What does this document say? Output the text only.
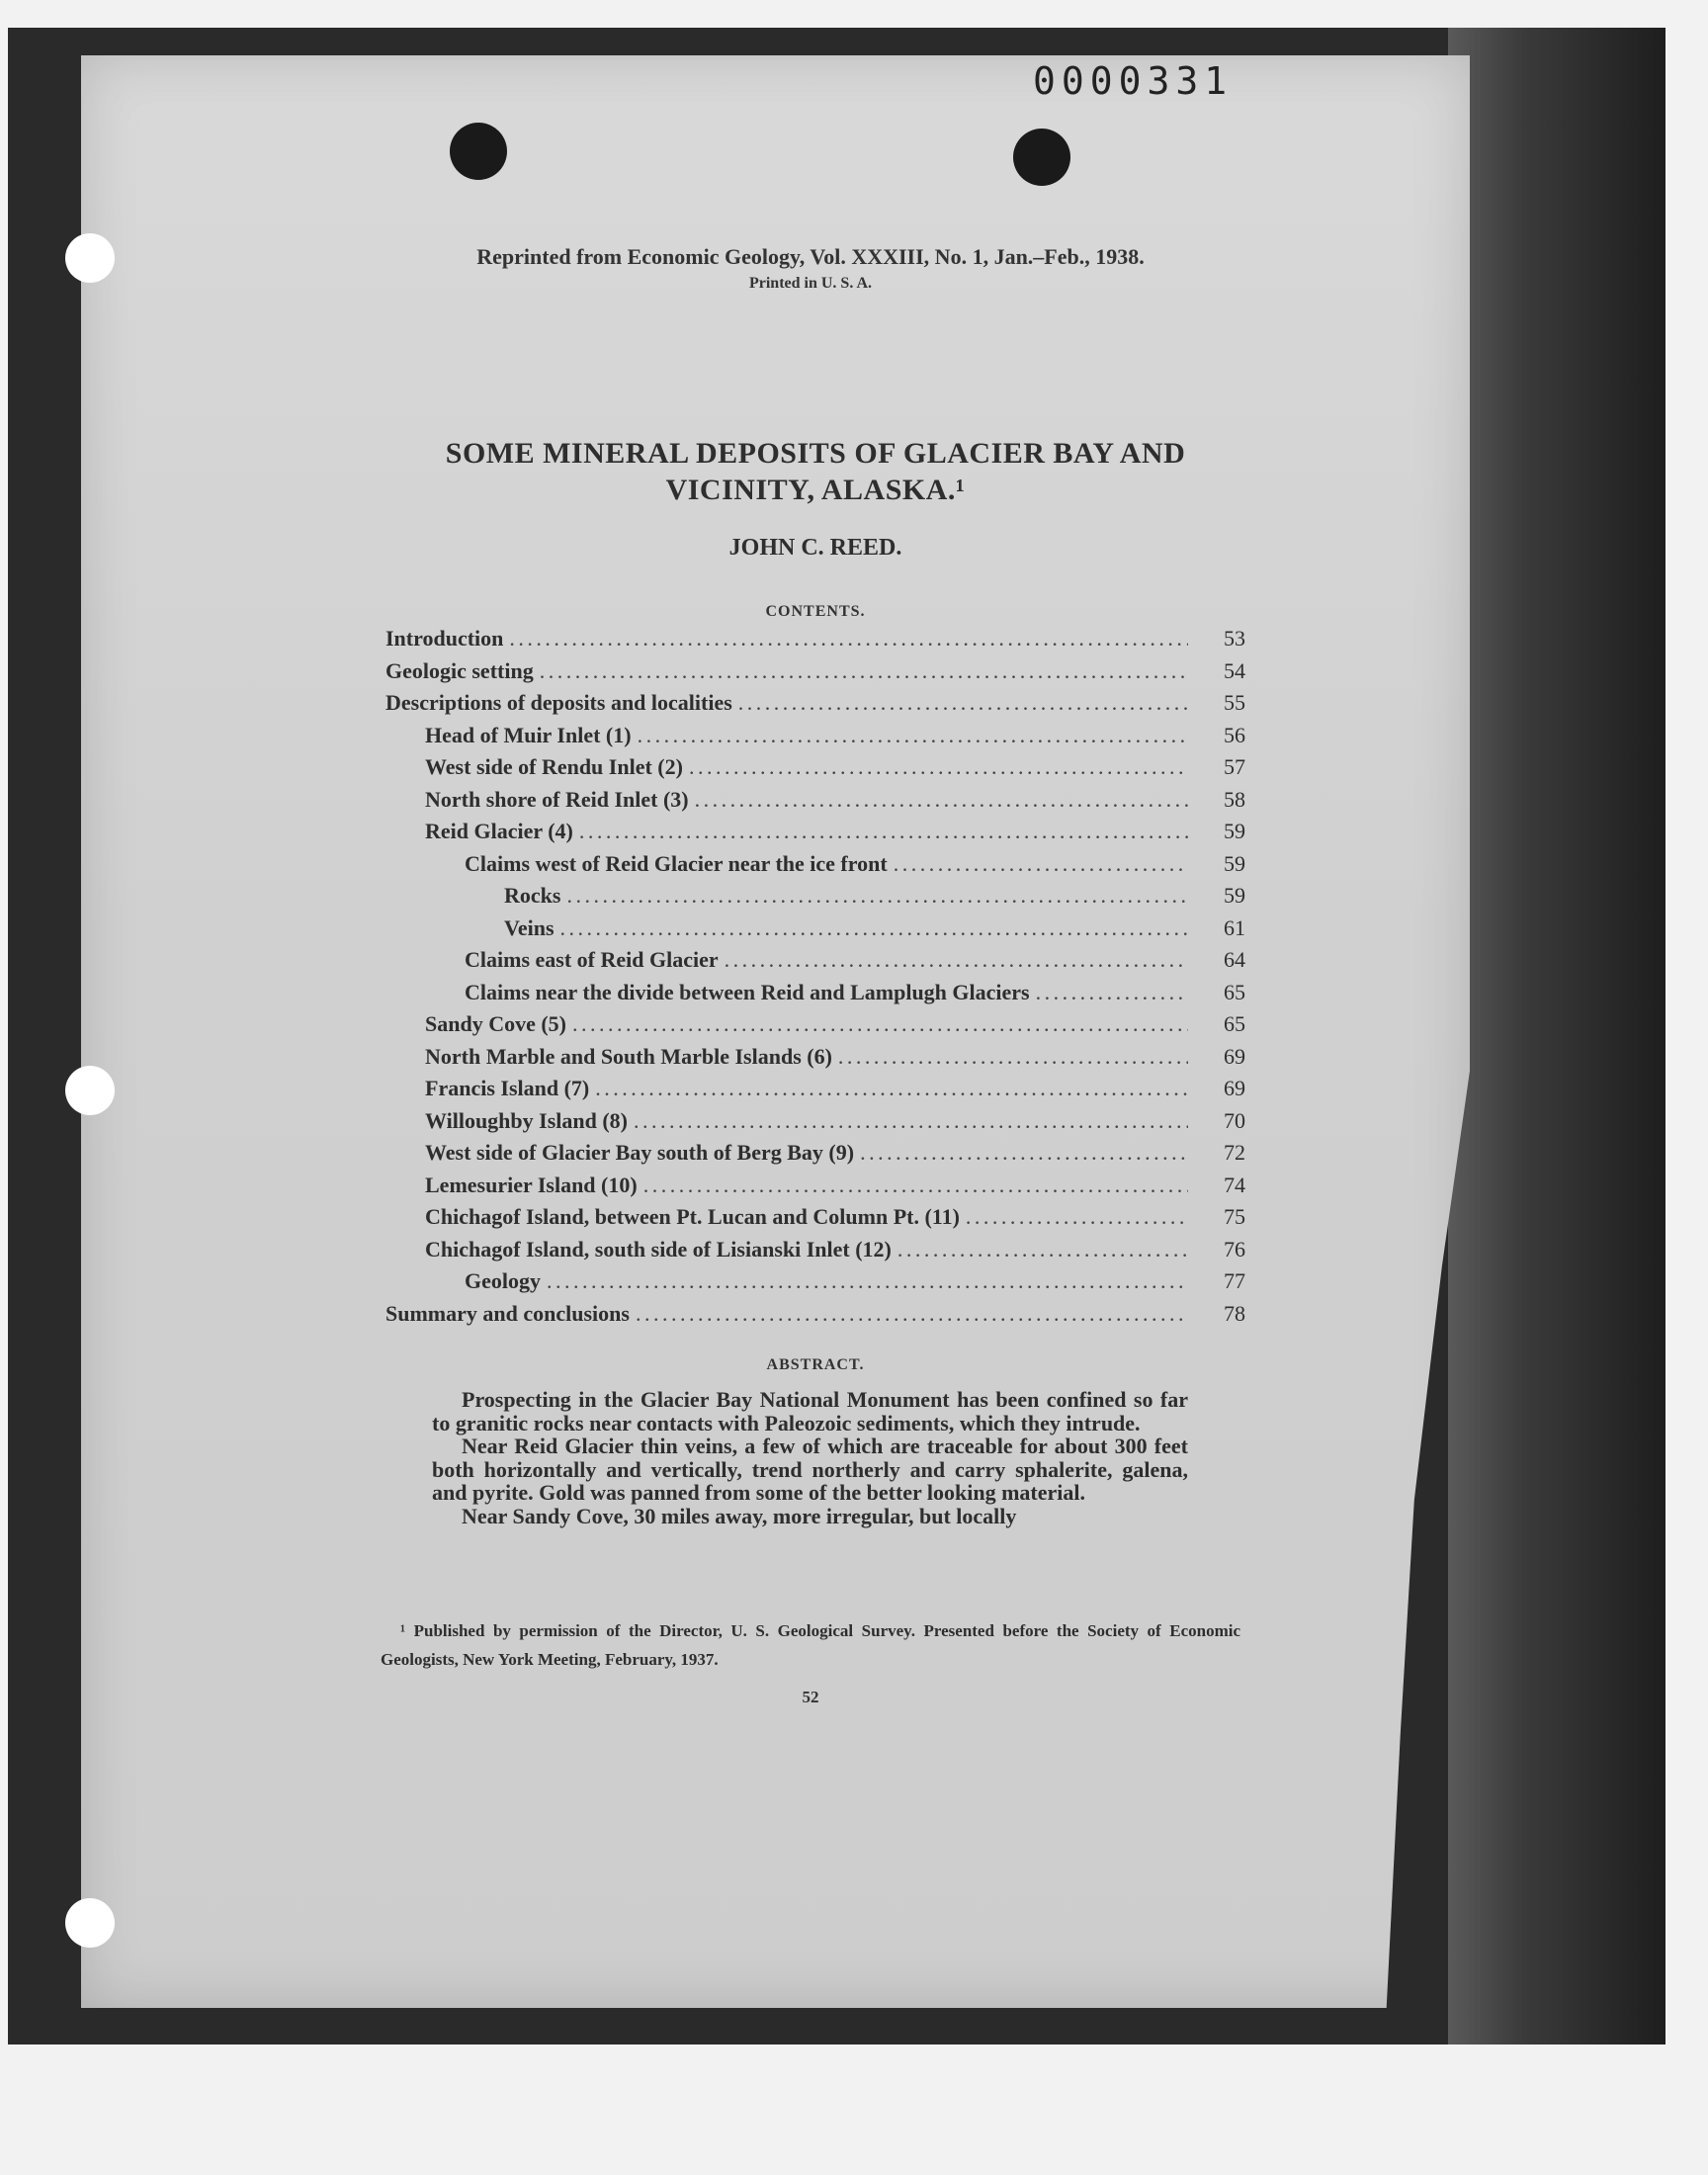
0000331
Reprinted from Economic Geology, Vol. XXXIII, No. 1, Jan.–Feb., 1938.
Printed in U. S. A.
SOME MINERAL DEPOSITS OF GLACIER BAY AND VICINITY, ALASKA.¹
JOHN C. REED.
CONTENTS.
Introduction . . .	53
Geologic setting . . .	54
Descriptions of deposits and localities . . .	55
Head of Muir Inlet (1) . . .	56
West side of Rendu Inlet (2) . . .	57
North shore of Reid Inlet (3) . . .	58
Reid Glacier (4) . . .	59
Claims west of Reid Glacier near the ice front . . .	59
Rocks . . .	59
Veins . . .	61
Claims east of Reid Glacier . . .	64
Claims near the divide between Reid and Lamplugh Glaciers . . .	65
Sandy Cove (5) . . .	65
North Marble and South Marble Islands (6) . . .	69
Francis Island (7) . . .	69
Willoughby Island (8) . . .	70
West side of Glacier Bay south of Berg Bay (9) . . .	72
Lemesurier Island (10) . . .	74
Chichagof Island, between Pt. Lucan and Column Pt. (11) . . .	75
Chichagof Island, south side of Lisianski Inlet (12) . . .	76
Geology . . .	77
Summary and conclusions . . .	78
ABSTRACT.

Prospecting in the Glacier Bay National Monument has been confined so far to granitic rocks near contacts with Paleozoic sediments, which they intrude.

Near Reid Glacier thin veins, a few of which are traceable for about 300 feet both horizontally and vertically, trend northerly and carry sphalerite, galena, and pyrite. Gold was panned from some of the better looking material.

Near Sandy Cove, 30 miles away, more irregular, but locally

¹ Published by permission of the Director, U. S. Geological Survey. Presented before the Society of Economic Geologists, New York Meeting, February, 1937.
52
